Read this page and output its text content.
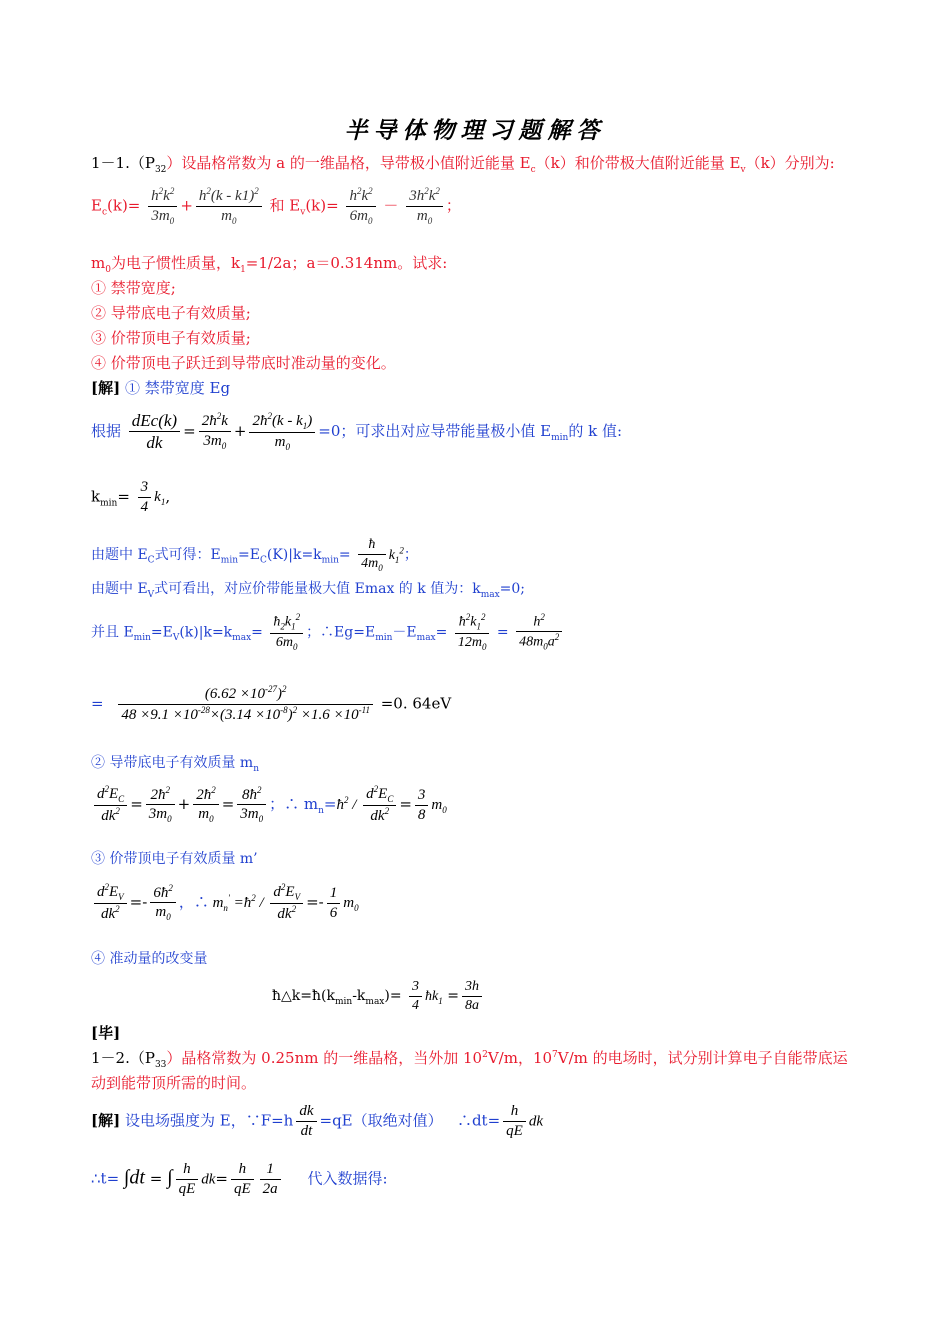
半导体物理习题解答
$1-1.(P_{32})$设晶格常数为 a 的一维晶格，导带极小值附近能量 $E_c(k)$和价带极大值附近能量 $E_v(k)$分别为:
$E_c(k)= \frac{h^2k^2}{3m_0} + \frac{h^2(k - k1)^2}{m_0}$ 和 $E_v(k)= \frac{h^2k^2}{6m_0} - \frac{3h^2k^2}{m_0}$ ；
$m_0$为电子惯性质量，$k_1=1/2a$；a＝0.314nm。试求:
① 禁带宽度;
② 导带底电子有效质量;
③ 价带顶电子有效质量;
④ 价带顶电子跃迁到导带底时准动量的变化。
[解] ① 禁带宽度 Eg
根据 $\frac{\text{dEc(k)}}{dk} = \frac{2ħ^2k}{3m_0} + \frac{2ħ^2(k - k_1)}{m_0} =0$；可求出对应导带能量极小值 $E_{min}$的 k 值:
$k_{min}= \frac{3}{4} k_1$,
由题中 $E_C$式可得：$E_{min}=E_C(K)|k=k_{min}= \frac{ħ}{4m_0} k_1^2$；
由题中 $E_V$式可看出，对应价带能量极大值 Emax 的 k 值为：$k_{max}=0$;
并且 $E_{min}=E_V(k)|k=k_{max}= \frac{ħ_2k_1^2}{6m_0}$ ；$\therefore Eg=E_{min}-E_{max}= \frac{ħ^2k_1^2}{12m_0} = \frac{h^2}{48m_0a^2}$
= $\frac{(6.62 \times 10^{-27})^2}{48 \times 9.1 \times 10^{-28}\times(3.14 \times 10^{-8})^2 \times 1.6 \times 10^{-11}} =0$. 64eV
② 导带底电子有效质量 $m_n$
$\frac{d^2E_C}{dk^2} = \frac{2ħ^2}{3m_0} + \frac{2ħ^2}{m_0} = \frac{8ħ^2}{3m_0}$ ；∴ $m_n=ħ^2 / \frac{d^2E_C}{dk^2} = \frac{3}{8} m_0$
③ 价带顶电子有效质量 m’
$\frac{d^2E_V}{dk^2} =- \frac{6ħ^2}{m_0}$ ，∴ $m_n'$ $=ħ^2 / \frac{d^2E_V}{dk^2} =- \frac{1}{6} m_0$
④ 准动量的改变量
$ħ\triangle k=ħ(k_{min}-k_{max})= \frac{3}{4}$ $ħk_1 = \frac{3h}{8a}$
[毕]
$1-2.(P_{33})$晶格常数为 0.25nm 的一维晶格，当外加 $10^2V/m$，$10^7V/m$ 的电场时，试分别计算电子自能带底运
动到能带顶所需的时间。
[解] 设电场强度为 E，∵F=h $\frac{dk}{dt} =qE$（取绝对值） ∴dt= $\frac{h}{qE}$ dk
∴t= ∫dt = ∫ $\frac{h}{qE} dk= \frac{h}{qE} \frac{1}{2a}$ 代入数据得:
